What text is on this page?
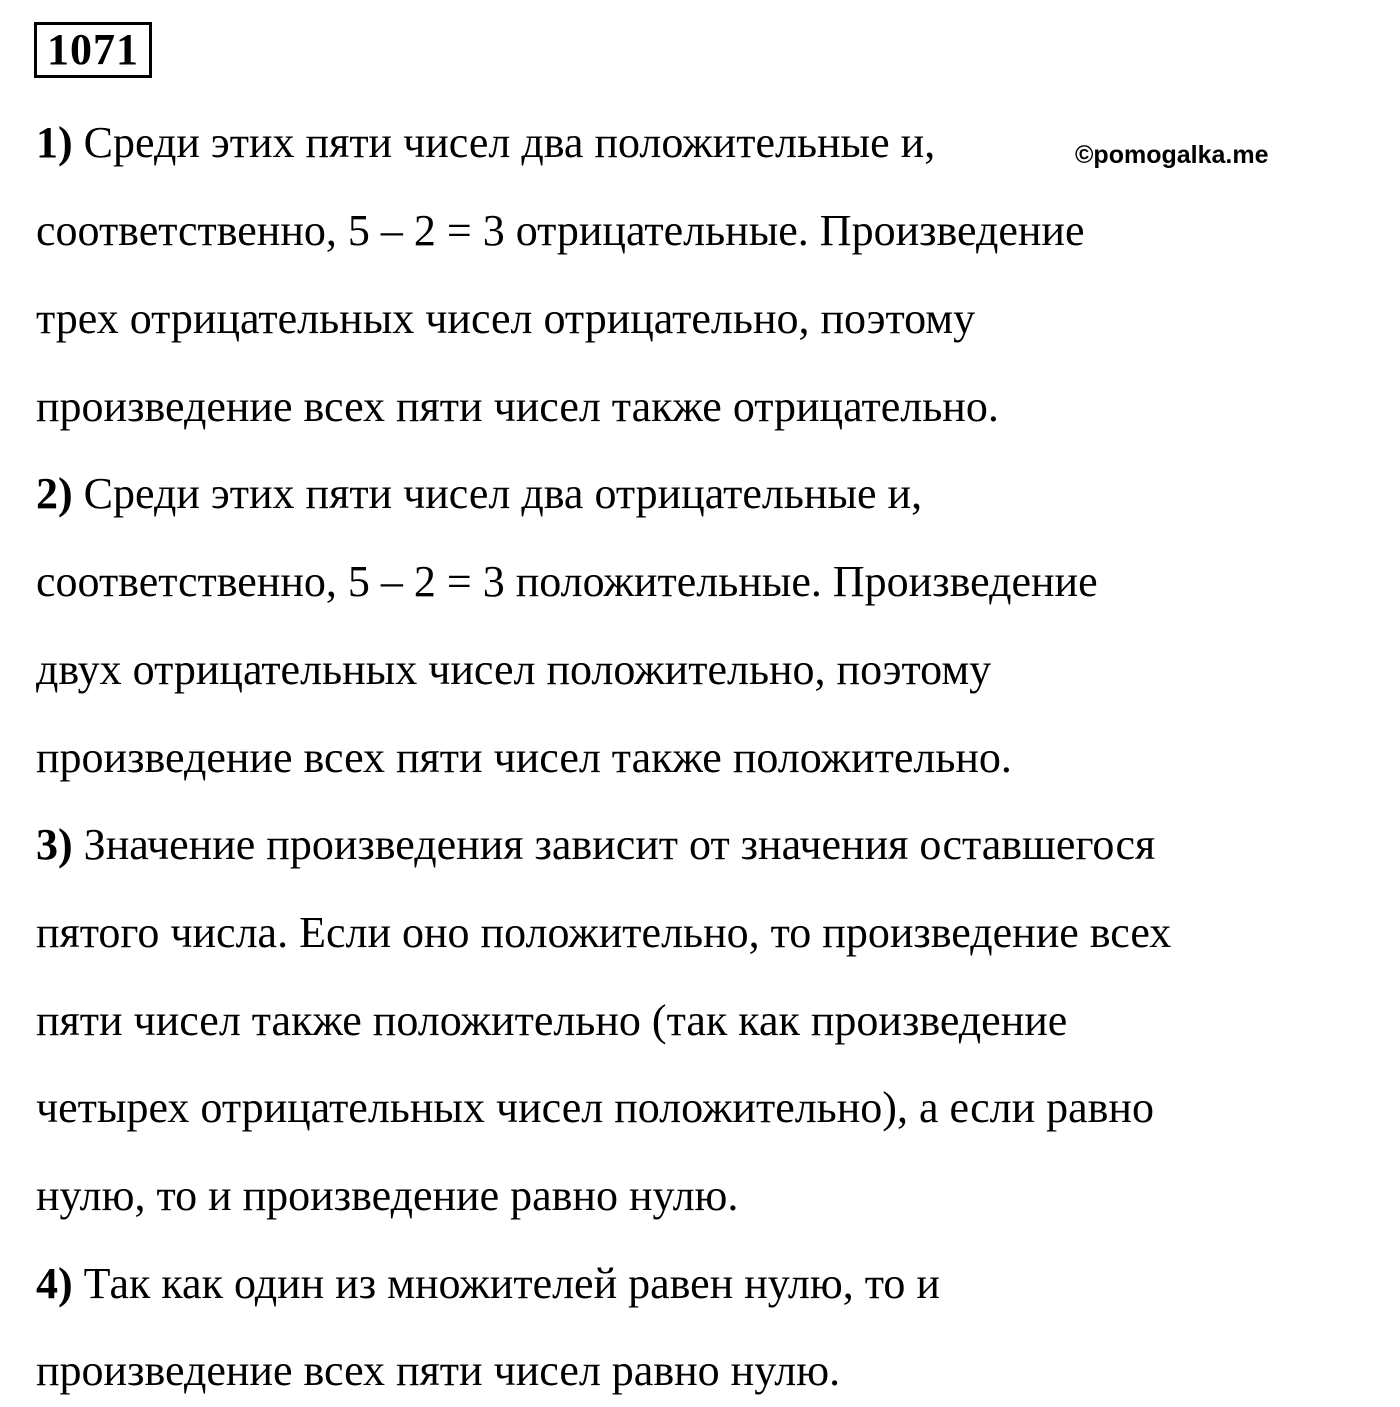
1071
1) Среди этих пяти чисел два положительные и,
соответственно, 5 – 2 = 3 отрицательные. Произведение
трех отрицательных чисел отрицательно, поэтому
произведение всех пяти чисел также отрицательно.
2) Среди этих пяти чисел два отрицательные и,
соответственно, 5 – 2 = 3 положительные. Произведение
двух отрицательных чисел положительно, поэтому
произведение всех пяти чисел также положительно.
3) Значение произведения зависит от значения оставшегося
пятого числа. Если оно положительно, то произведение всех
пяти чисел также положительно (так как произведение
четырех отрицательных чисел положительно), а если равно
нулю, то и произведение равно нулю.
4) Так как один из множителей равен нулю, то и
произведение всех пяти чисел равно нулю.
©pomogalka.me
